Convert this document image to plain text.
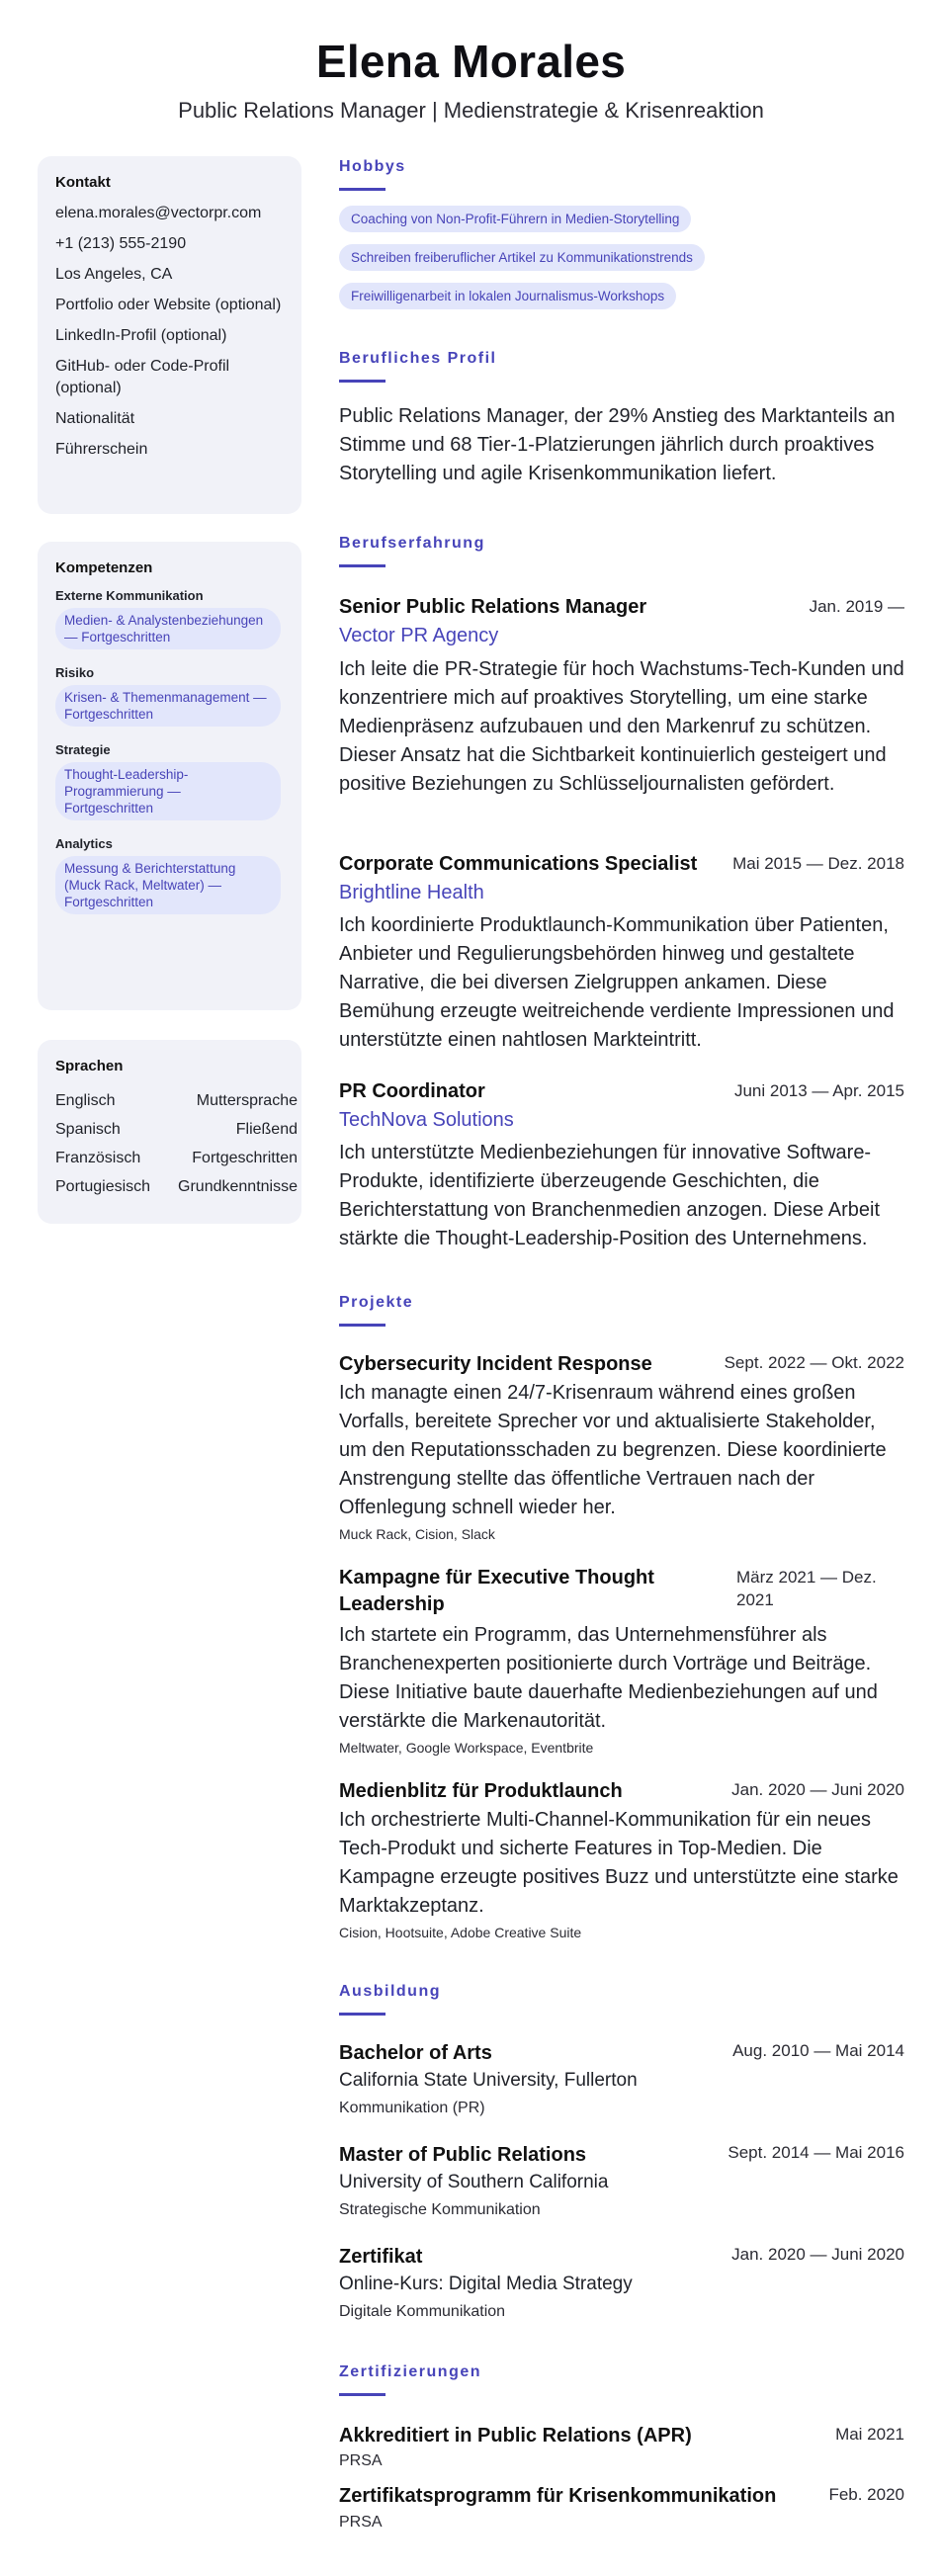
Elena Morales
Public Relations Manager | Medienstrategie & Krisenreaktion
Kontakt
elena.morales@vectorpr.com
+1 (213) 555-2190
Los Angeles, CA
Portfolio oder Website (optional)
LinkedIn-Profil (optional)
GitHub- oder Code-Profil (optional)
Nationalität
Führerschein
Kompetenzen
Externe Kommunikation
Medien- & Analystenbeziehungen — Fortgeschritten
Risiko
Krisen- & Themenmanagement — Fortgeschritten
Strategie
Thought-Leadership-Programmierung — Fortgeschritten
Analytics
Messung & Berichterstattung (Muck Rack, Meltwater) — Fortgeschritten
Sprachen
Englisch	Muttersprache
Spanisch	Fließend
Französisch	Fortgeschritten
Portugiesisch Grundkenntnisse
Hobbys
Coaching von Non-Profit-Führern in Medien-Storytelling
Schreiben freiberuflicher Artikel zu Kommunikationstrends
Freiwilligenarbeit in lokalen Journalismus-Workshops
Berufliches Profil
Public Relations Manager, der 29% Anstieg des Marktanteils an Stimme und 68 Tier-1-Platzierungen jährlich durch proaktives Storytelling und agile Krisenkommunikation liefert.
Berufserfahrung
Senior Public Relations Manager	Jan. 2019 —
Vector PR Agency
Ich leite die PR-Strategie für hoch Wachstums-Tech-Kunden und konzentriere mich auf proaktives Storytelling, um eine starke Medienpräsenz aufzubauen und den Markenruf zu schützen. Dieser Ansatz hat die Sichtbarkeit kontinuierlich gesteigert und positive Beziehungen zu Schlüsseljournalisten gefördert.
Corporate Communications Specialist Mai 2015 — Dez. 2018
Brightline Health
Ich koordinierte Produktlaunch-Kommunikation über Patienten, Anbieter und Regulierungsbehörden hinweg und gestaltete Narrative, die bei diversen Zielgruppen ankamen. Diese Bemühung erzeugte weitreichende verdiente Impressionen und unterstützte einen nahtlosen Markteintritt.
PR Coordinator	Juni 2013 — Apr. 2015
TechNova Solutions
Ich unterstützte Medienbeziehungen für innovative Software-Produkte, identifizierte überzeugende Geschichten, die Berichterstattung von Branchenmedien anzogen. Diese Arbeit stärkte die Thought-Leadership-Position des Unternehmens.
Projekte
Cybersecurity Incident Response	Sept. 2022 — Okt. 2022
Ich managte einen 24/7-Krisenraum während eines großen Vorfalls, bereitete Sprecher vor und aktualisierte Stakeholder, um den Reputationsschaden zu begrenzen. Diese koordinierte Anstrengung stellte das öffentliche Vertrauen nach der Offenlegung schnell wieder her.
Muck Rack, Cision, Slack
Kampagne für Executive Thought Leadership
März 2021 — Dez. 2021
Ich startete ein Programm, das Unternehmensführer als Branchenexperten positionierte durch Vorträge und Beiträge. Diese Initiative baute dauerhafte Medienbeziehungen auf und verstärkte die Markenautorität.
Meltwater, Google Workspace, Eventbrite
Medienblitz für Produktlaunch	Jan. 2020 — Juni 2020
Ich orchestrierte Multi-Channel-Kommunikation für ein neues Tech-Produkt und sicherte Features in Top-Medien. Die Kampagne erzeugte positives Buzz und unterstützte eine starke Marktakzeptanz.
Cision, Hootsuite, Adobe Creative Suite
Ausbildung
Bachelor of Arts	Aug. 2010 — Mai 2014
California State University, Fullerton
Kommunikation (PR)
Master of Public Relations	Sept. 2014 — Mai 2016
University of Southern California
Strategische Kommunikation
Zertifikat	Jan. 2020 — Juni 2020
Online-Kurs: Digital Media Strategy
Digitale Kommunikation
Zertifizierungen
Akkreditiert in Public Relations (APR)	Mai 2021
PRSA
Zertifikatsprogramm für Krisenkommunikation	Feb. 2020
PRSA
